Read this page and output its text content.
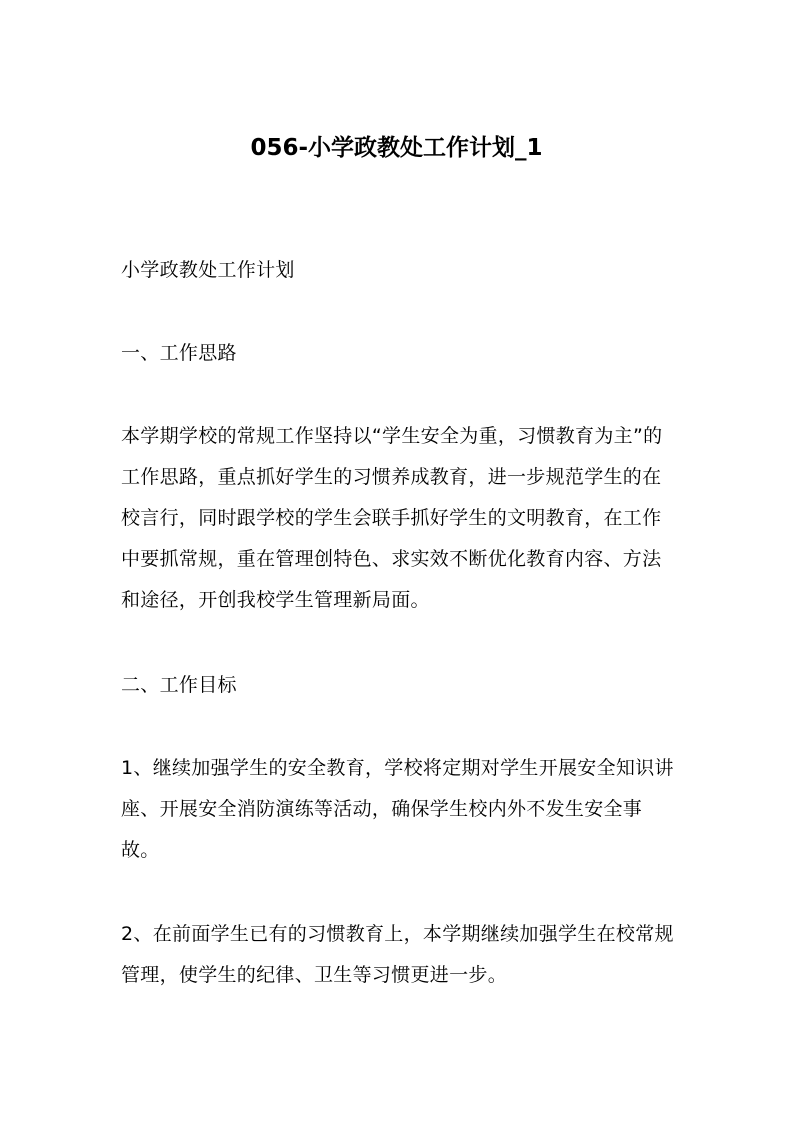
056-小学政教处工作计划_1

小学政教处工作计划

一、工作思路

本学期学校的常规工作坚持以“学生安全为重，习惯教育为主”的工作思路，重点抓好学生的习惯养成教育，进一步规范学生的在校言行，同时跟学校的学生会联手抓好学生的文明教育，在工作中要抓常规，重在管理创特色、求实效不断优化教育内容、方法和途径，开创我校学生管理新局面。

二、工作目标

1、继续加强学生的安全教育，学校将定期对学生开展安全知识讲座、开展安全消防演练等活动，确保学生校内外不发生安全事故。

2、在前面学生已有的习惯教育上，本学期继续加强学生在校常规管理，使学生的纪律、卫生等习惯更进一步。
